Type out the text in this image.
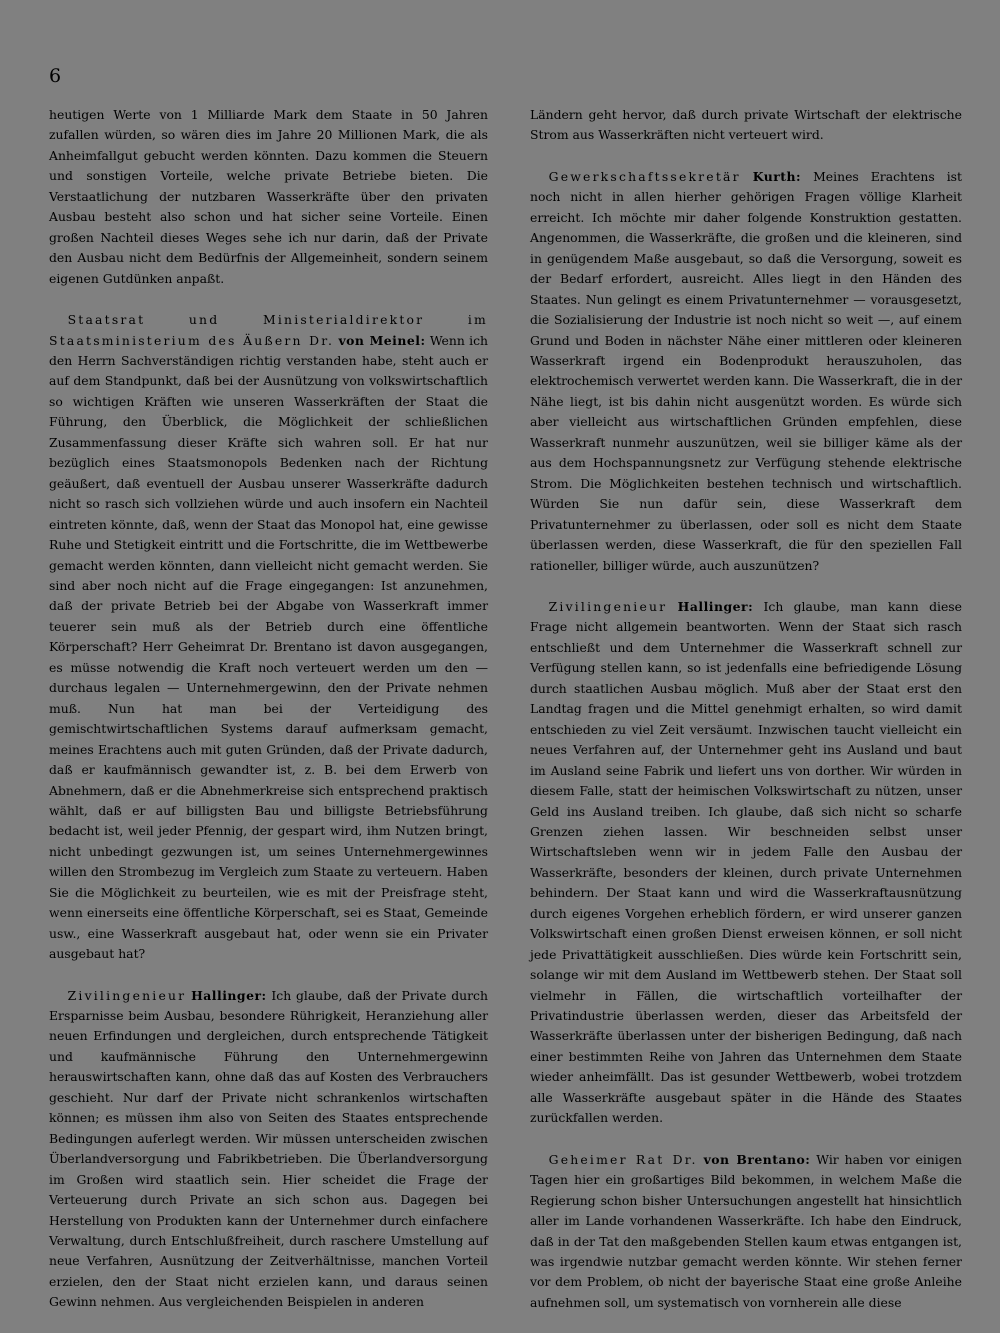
6

heutigen Werte von 1 Milliarde Mark dem Staate in 50 Jahren zufallen würden, so wären dies im Jahre 20 Millionen Mark, die als Anheimfallgut gebucht werden könnten. Dazu kommen die Steuern und sonstigen Vorteile, welche private Betriebe bieten. Die Verstaatlichung der nutzbaren Wasserkräfte über den privaten Ausbau besteht also schon und hat sicher seine Vorteile. Einen großen Nachteil dieses Weges sehe ich nur darin, daß der Private den Ausbau nicht dem Bedürfnis der Allgemeinheit, sondern seinem eigenen Gutdünken anpaßt.

Staatsrat und Ministerialdirektor im Staatsministerium des Äußern Dr. von Meinel: Wenn ich den Herrn Sachverständigen richtig verstanden habe, steht auch er auf dem Standpunkt, daß bei der Ausnützung von volkswirtschaftlich so wichtigen Kräften wie unseren Wasserkräften der Staat die Führung, den Überblick, die Möglichkeit der schließlichen Zusammenfassung dieser Kräfte sich wahren soll. Er hat nur bezüglich eines Staatsmonopols Bedenken nach der Richtung geäußert, daß eventuell der Ausbau unserer Wasserkräfte dadurch nicht so rasch sich vollziehen würde und auch insofern ein Nachteil eintreten könnte, daß, wenn der Staat das Monopol hat, eine gewisse Ruhe und Stetigkeit eintritt und die Fortschritte, die im Wettbewerbe gemacht werden könnten, dann vielleicht nicht gemacht werden. Sie sind aber noch nicht auf die Frage eingegangen: Ist anzunehmen, daß der private Betrieb bei der Abgabe von Wasserkraft immer teuerer sein muß als der Betrieb durch eine öffentliche Körperschaft? Herr Geheimrat Dr. Brentano ist davon ausgegangen, es müsse notwendig die Kraft noch verteuert werden um den — durchaus legalen — Unternehmergewinn, den der Private nehmen muß. Nun hat man bei der Verteidigung des gemischtwirtschaftlichen Systems darauf aufmerksam gemacht, meines Erachtens auch mit guten Gründen, daß der Private dadurch, daß er kaufmännisch gewandter ist, z. B. bei dem Erwerb von Abnehmern, daß er die Abnehmerkreise sich entsprechend praktisch wählt, daß er auf billigsten Bau und billigste Betriebsführung bedacht ist, weil jeder Pfennig, der gespart wird, ihm Nutzen bringt, nicht unbedingt gezwungen ist, um seines Unternehmergewinnes willen den Strombezug im Vergleich zum Staate zu verteuern. Haben Sie die Möglichkeit zu beurteilen, wie es mit der Preisfrage steht, wenn einerseits eine öffentliche Körperschaft, sei es Staat, Gemeinde usw., eine Wasserkraft ausgebaut hat, oder wenn sie ein Privater ausgebaut hat?

Zivilingenieur Hallinger: Ich glaube, daß der Private durch Ersparnisse beim Ausbau, besondere Rührigkeit, Heranziehung aller neuen Erfindungen und dergleichen, durch entsprechende Tätigkeit und kaufmännische Führung den Unternehmergewinn herauswirtschaften kann, ohne daß das auf Kosten des Verbrauchers geschieht. Nur darf der Private nicht schrankenlos wirtschaften können; es müssen ihm also von Seiten des Staates entsprechende Bedingungen auferlegt werden. Wir müssen unterscheiden zwischen Überlandversorgung und Fabrikbetrieben. Die Überlandversorgung im Großen wird staatlich sein. Hier scheidet die Frage der Verteuerung durch Private an sich schon aus. Dagegen bei Herstellung von Produkten kann der Unternehmer durch einfachere Verwaltung, durch Entschlußfreiheit, durch raschere Umstellung auf neue Verfahren, Ausnützung der Zeitverhältnisse, manchen Vorteil erzielen, den der Staat nicht erzielen kann, und daraus seinen Gewinn nehmen. Aus vergleichenden Beispielen in anderen

Ländern geht hervor, daß durch private Wirtschaft der elektrische Strom aus Wasserkräften nicht verteuert wird.

Gewerkschaftssekretär Kurth: Meines Erachtens ist noch nicht in allen hierher gehörigen Fragen völlige Klarheit erreicht. Ich möchte mir daher folgende Konstruktion gestatten. Angenommen, die Wasserkräfte, die großen und die kleineren, sind in genügendem Maße ausgebaut, so daß die Versorgung, soweit es der Bedarf erfordert, ausreicht. Alles liegt in den Händen des Staates. Nun gelingt es einem Privatunternehmer — vorausgesetzt, die Sozialisierung der Industrie ist noch nicht so weit —, auf einem Grund und Boden in nächster Nähe einer mittleren oder kleineren Wasserkraft irgend ein Bodenprodukt herauszuholen, das elektrochemisch verwertet werden kann. Die Wasserkraft, die in der Nähe liegt, ist bis dahin nicht ausgenützt worden. Es würde sich aber vielleicht aus wirtschaftlichen Gründen empfehlen, diese Wasserkraft nunmehr auszunützen, weil sie billiger käme als der aus dem Hochspannungsnetz zur Verfügung stehende elektrische Strom. Die Möglichkeiten bestehen technisch und wirtschaftlich. Würden Sie nun dafür sein, diese Wasserkraft dem Privatunternehmer zu überlassen, oder soll es nicht dem Staate überlassen werden, diese Wasserkraft, die für den speziellen Fall rationeller, billiger würde, auch auszunützen?

Zivilingenieur Hallinger: Ich glaube, man kann diese Frage nicht allgemein beantworten. Wenn der Staat sich rasch entschließt und dem Unternehmer die Wasserkraft schnell zur Verfügung stellen kann, so ist jedenfalls eine befriedigende Lösung durch staatlichen Ausbau möglich. Muß aber der Staat erst den Landtag fragen und die Mittel genehmigt erhalten, so wird damit entschieden zu viel Zeit versäumt. Inzwischen taucht vielleicht ein neues Verfahren auf, der Unternehmer geht ins Ausland und baut im Ausland seine Fabrik und liefert uns von dorther. Wir würden in diesem Falle, statt der heimischen Volkswirtschaft zu nützen, unser Geld ins Ausland treiben. Ich glaube, daß sich nicht so scharfe Grenzen ziehen lassen. Wir beschneiden selbst unser Wirtschaftsleben wenn wir in jedem Falle den Ausbau der Wasserkräfte, besonders der kleinen, durch private Unternehmen behindern. Der Staat kann und wird die Wasserkraftausnützung durch eigenes Vorgehen erheblich fördern, er wird unserer ganzen Volkswirtschaft einen großen Dienst erweisen können, er soll nicht jede Privattätigkeit ausschließen. Dies würde kein Fortschritt sein, solange wir mit dem Ausland im Wettbewerb stehen. Der Staat soll vielmehr in Fällen, die wirtschaftlich vorteilhafter der Privatindustrie überlassen werden, dieser das Arbeitsfeld der Wasserkräfte überlassen unter der bisherigen Bedingung, daß nach einer bestimmten Reihe von Jahren das Unternehmen dem Staate wieder anheimfällt. Das ist gesunder Wettbewerb, wobei trotzdem alle Wasserkräfte ausgebaut später in die Hände des Staates zurückfallen werden.

Geheimer Rat Dr. von Brentano: Wir haben vor einigen Tagen hier ein großartiges Bild bekommen, in welchem Maße die Regierung schon bisher Untersuchungen angestellt hat hinsichtlich aller im Lande vorhandenen Wasserkräfte. Ich habe den Eindruck, daß in der Tat den maßgebenden Stellen kaum etwas entgangen ist, was irgendwie nutzbar gemacht werden könnte. Wir stehen ferner vor dem Problem, ob nicht der bayerische Staat eine große Anleihe aufnehmen soll, um systematisch von vornherein alle diese
